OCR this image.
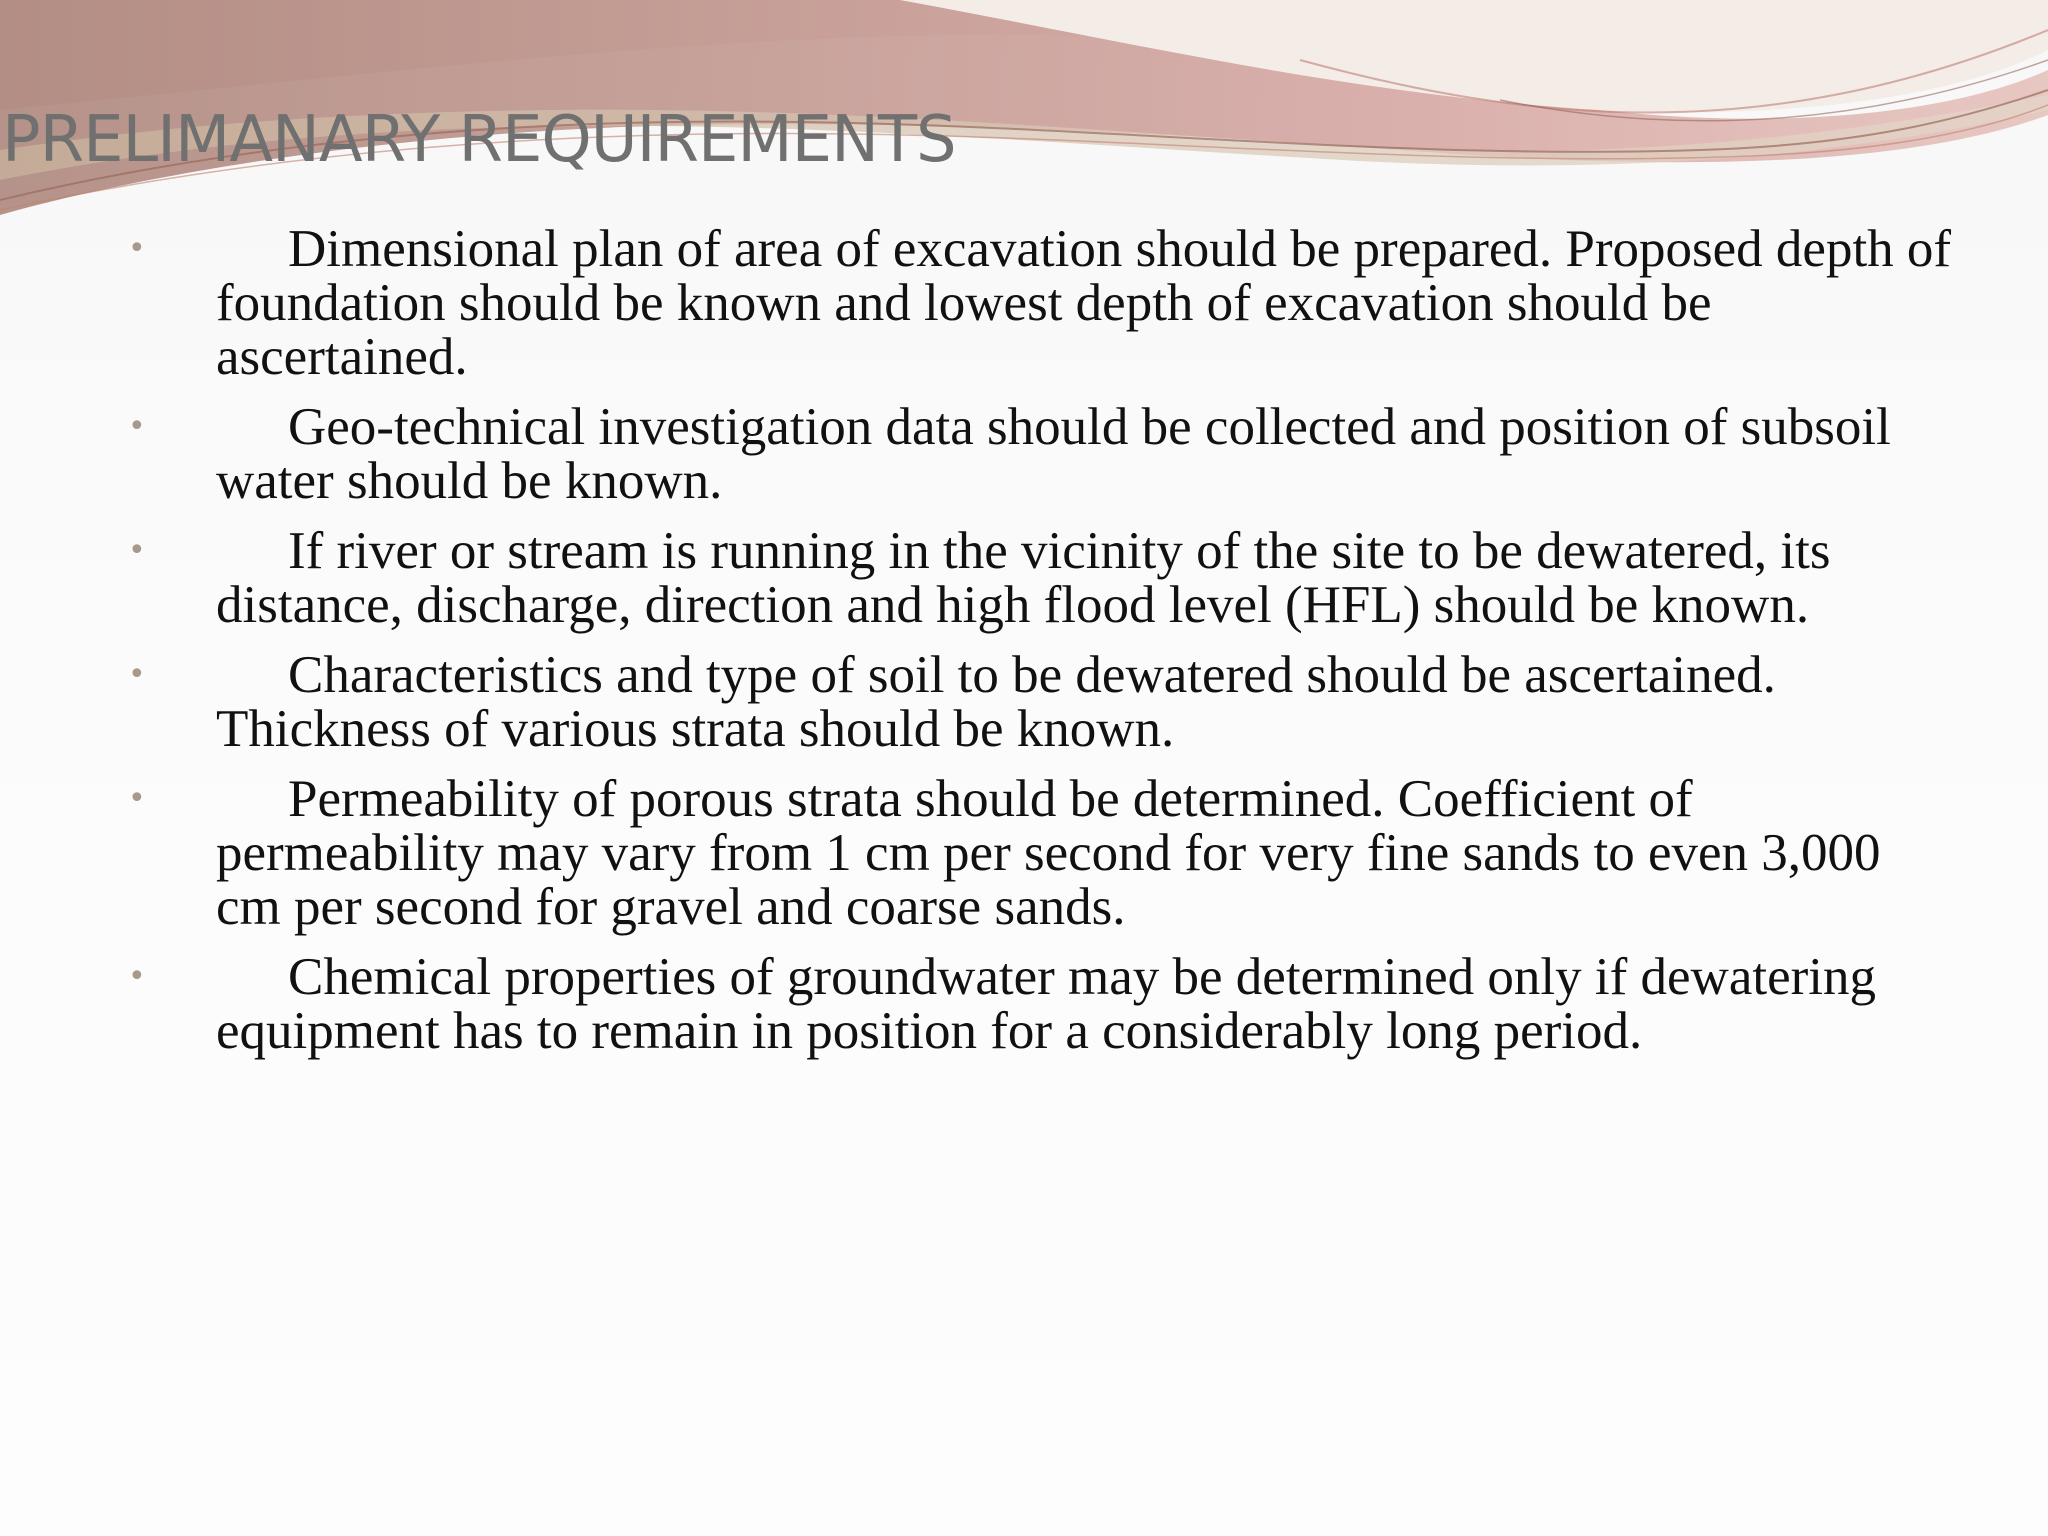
PRELIMANARY REQUIREMENTS
•	Dimensional plan of area of excavation should be prepared. Proposed depth of foundation should be known and lowest depth of excavation should be ascertained.
•	Geo-technical investigation data should be collected and position of subsoil water should be known.
•	If river or stream is running in the vicinity of the site to be dewatered, its distance, discharge, direction and high flood level (HFL) should be known.
•	Characteristics and type of soil to be dewatered should be ascertained. Thickness of various strata should be known.
•	Permeability of porous strata should be determined. Coefficient of permeability may vary from 1 cm per second for very fine sands to even 3,000 cm per second for gravel and coarse sands.
•	Chemical properties of groundwater may be determined only if dewatering equipment has to remain in position for a considerably long period.
